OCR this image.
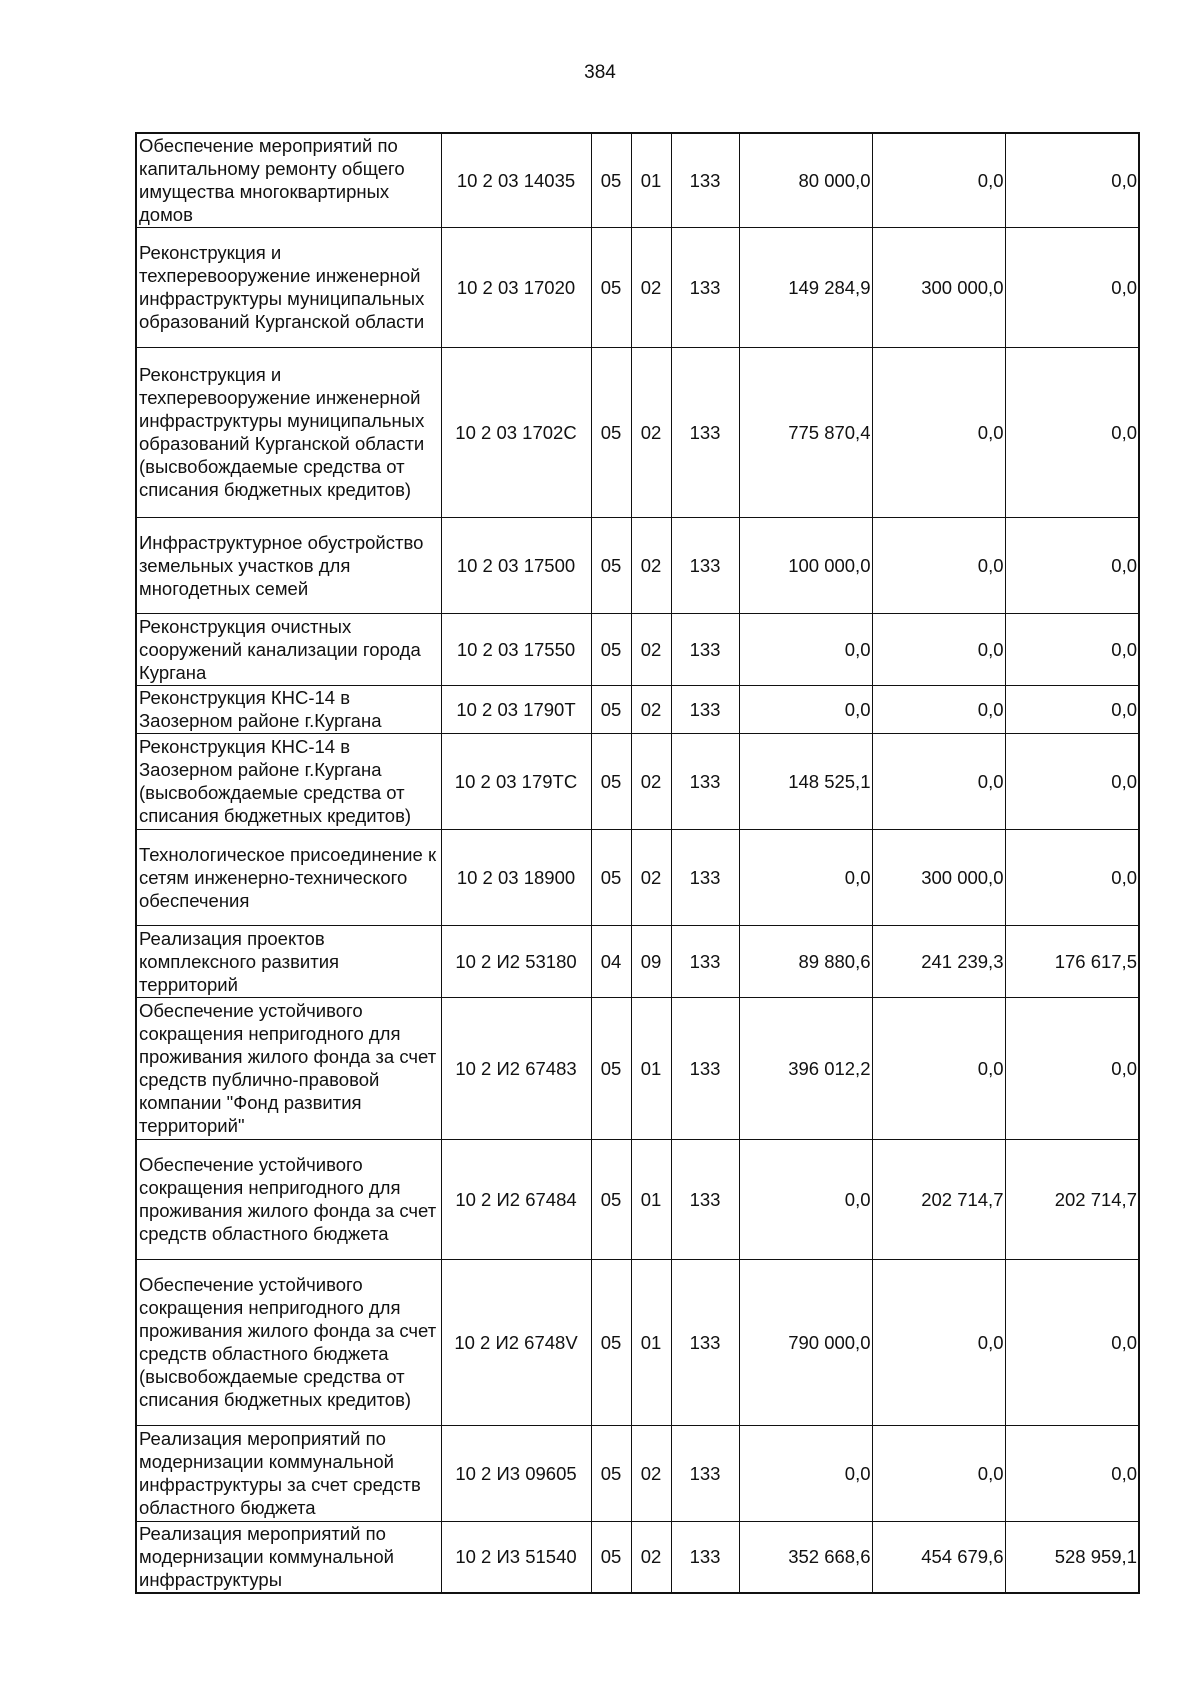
384
Обеспечение мероприятий по капитальному ремонту общего имущества многоквартирных домов	10 2 03 14035	05	01	133	80 000,0	0,0	0,0
Реконструкция и техперевооружение инженерной инфраструктуры муниципальных образований Курганской области	10 2 03 17020	05	02	133	149 284,9	300 000,0	0,0
Реконструкция и техперевооружение инженерной инфраструктуры муниципальных образований Курганской области (высвобождаемые средства от списания бюджетных кредитов)	10 2 03 1702С	05	02	133	775 870,4	0,0	0,0
Инфраструктурное обустройство земельных участков для многодетных семей	10 2 03 17500	05	02	133	100 000,0	0,0	0,0
Реконструкция очистных сооружений канализации города Кургана	10 2 03 17550	05	02	133	0,0	0,0	0,0
Реконструкция КНС-14 в Заозерном районе г.Кургана	10 2 03 1790Т	05	02	133	0,0	0,0	0,0
Реконструкция КНС-14 в Заозерном районе г.Кургана (высвобождаемые средства от списания бюджетных кредитов)	10 2 03 179ТС	05	02	133	148 525,1	0,0	0,0
Технологическое присоединение к сетям инженерно-технического обеспечения	10 2 03 18900	05	02	133	0,0	300 000,0	0,0
Реализация проектов комплексного развития территорий	10 2 И2 53180	04	09	133	89 880,6	241 239,3	176 617,5
Обеспечение устойчивого сокращения непригодного для проживания жилого фонда за счет средств публично-правовой компании "Фонд развития территорий"	10 2 И2 67483	05	01	133	396 012,2	0,0	0,0
Обеспечение устойчивого сокращения непригодного для проживания жилого фонда за счет средств областного бюджета	10 2 И2 67484	05	01	133	0,0	202 714,7	202 714,7
Обеспечение устойчивого сокращения непригодного для проживания жилого фонда за счет средств областного бюджета (высвобождаемые средства от списания бюджетных кредитов)	10 2 И2 6748V	05	01	133	790 000,0	0,0	0,0
Реализация мероприятий по модернизации коммунальной инфраструктуры за счет средств областного бюджета	10 2 И3 09605	05	02	133	0,0	0,0	0,0
Реализация мероприятий по модернизации коммунальной инфраструктуры	10 2 И3 51540	05	02	133	352 668,6	454 679,6	528 959,1
